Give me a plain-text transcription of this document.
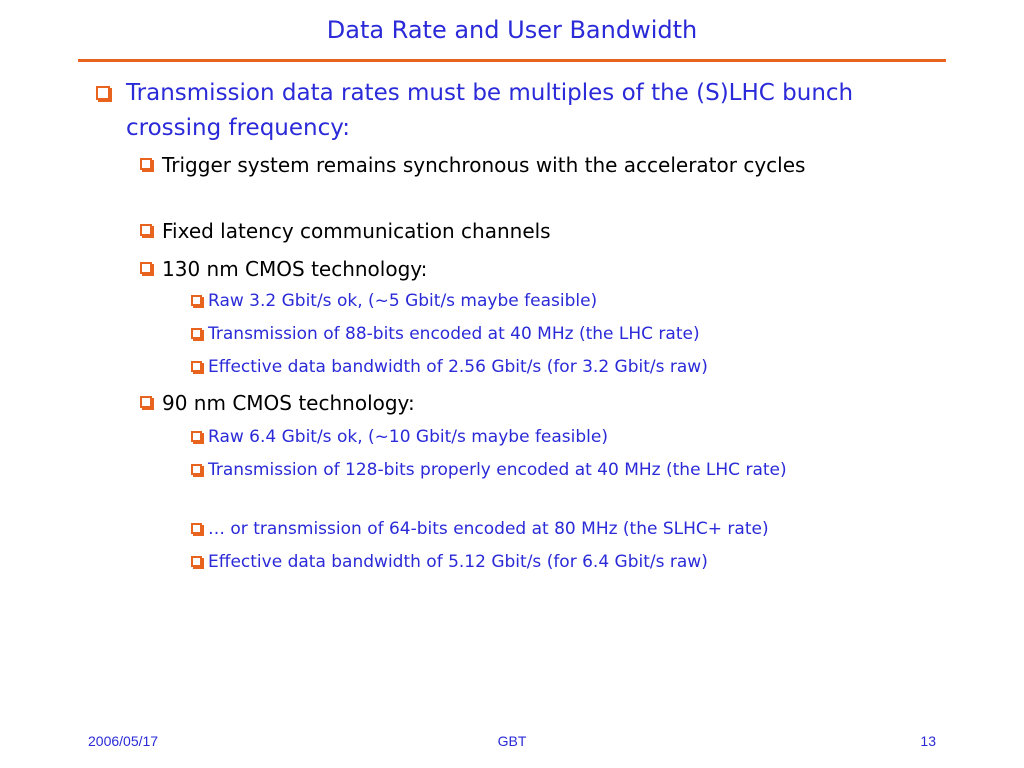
Data Rate and User Bandwidth
Transmission data rates must be multiples of the (S)LHC bunch crossing frequency:
Trigger system remains synchronous with the accelerator cycles
Fixed latency communication channels
130 nm CMOS technology:
Raw 3.2 Gbit/s ok, (~5 Gbit/s maybe feasible)
Transmission of 88-bits encoded at 40 MHz (the LHC rate)
Effective data bandwidth of 2.56 Gbit/s (for 3.2 Gbit/s raw)
90 nm CMOS technology:
Raw 6.4 Gbit/s ok, (~10 Gbit/s maybe feasible)
Transmission of 128-bits properly encoded at 40 MHz (the LHC rate)
… or transmission of 64-bits encoded at 80 MHz (the SLHC+ rate)
Effective data bandwidth of 5.12 Gbit/s (for 6.4 Gbit/s raw)
2006/05/17	GBT	13
